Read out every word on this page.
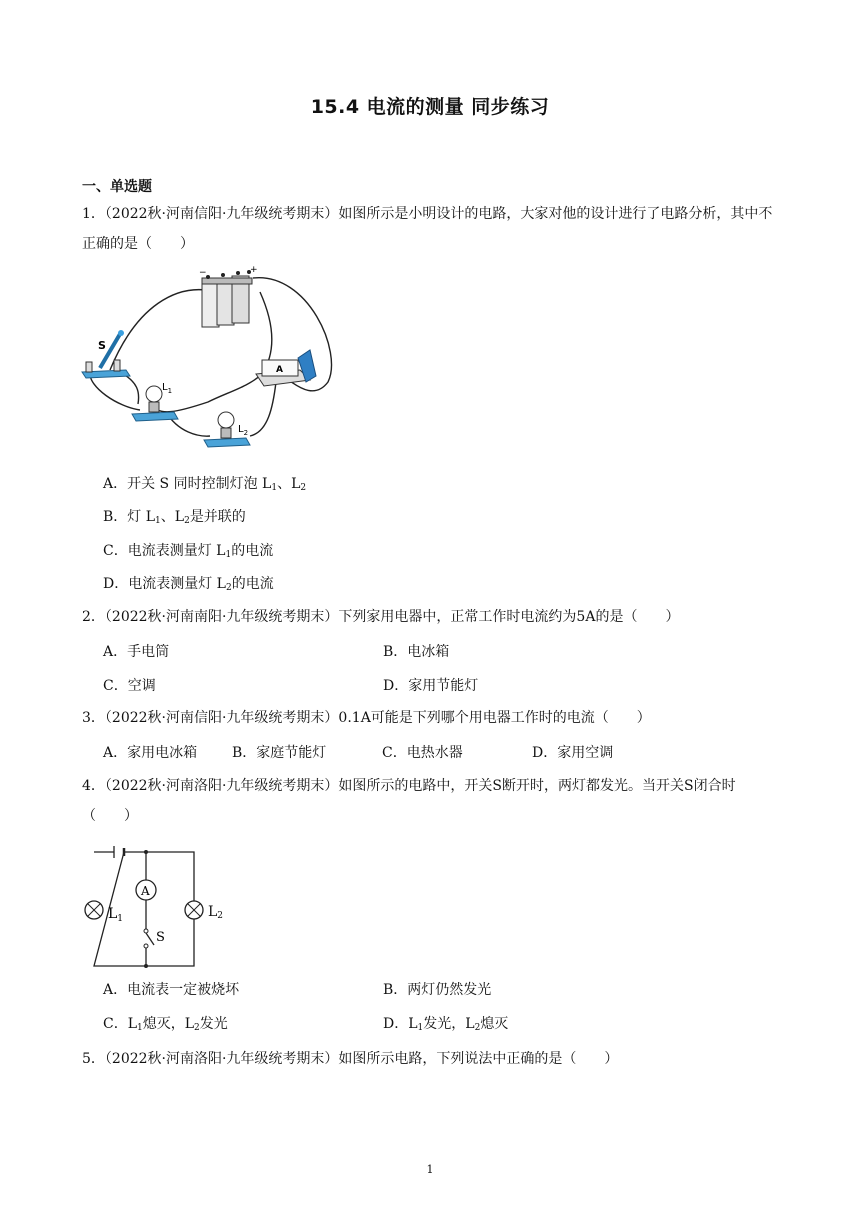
15.4 电流的测量 同步练习
一、单选题
1．（2022秋·河南信阳·九年级统考期末）如图所示是小明设计的电路，大家对他的设计进行了电路分析，其中不正确的是（　　）
−	+
S
$L_1$
$L_2$
A
A．开关 S 同时控制灯泡 $L_1$、$L_2$
B．灯 $L_1$、$L_2$是并联的
C．电流表测量灯 $L_1$的电流
D．电流表测量灯 $L_2$的电流
2．（2022秋·河南南阳·九年级统考期末）下列家用电器中，正常工作时电流约为5A的是（　　）
A．手电筒	B．电冰箱
C．空调	D．家用节能灯
3．（2022秋·河南信阳·九年级统考期末）0.1A可能是下列哪个用电器工作时的电流（　　）
A．家用电冰箱 B．家庭节能灯	C．电热水器	D．家用空调
4．（2022秋·河南洛阳·九年级统考期末）如图所示的电路中，开关S断开时，两灯都发光。当开关S闭合时（　　）
A
S
$L_1$	$L_2$
A．电流表一定被烧坏	B．两灯仍然发光
C．$L_1$熄灭，$L_2$发光	D．$L_1$发光，$L_2$熄灭
5．（2022秋·河南洛阳·九年级统考期末）如图所示电路，下列说法中正确的是（　　）
1
